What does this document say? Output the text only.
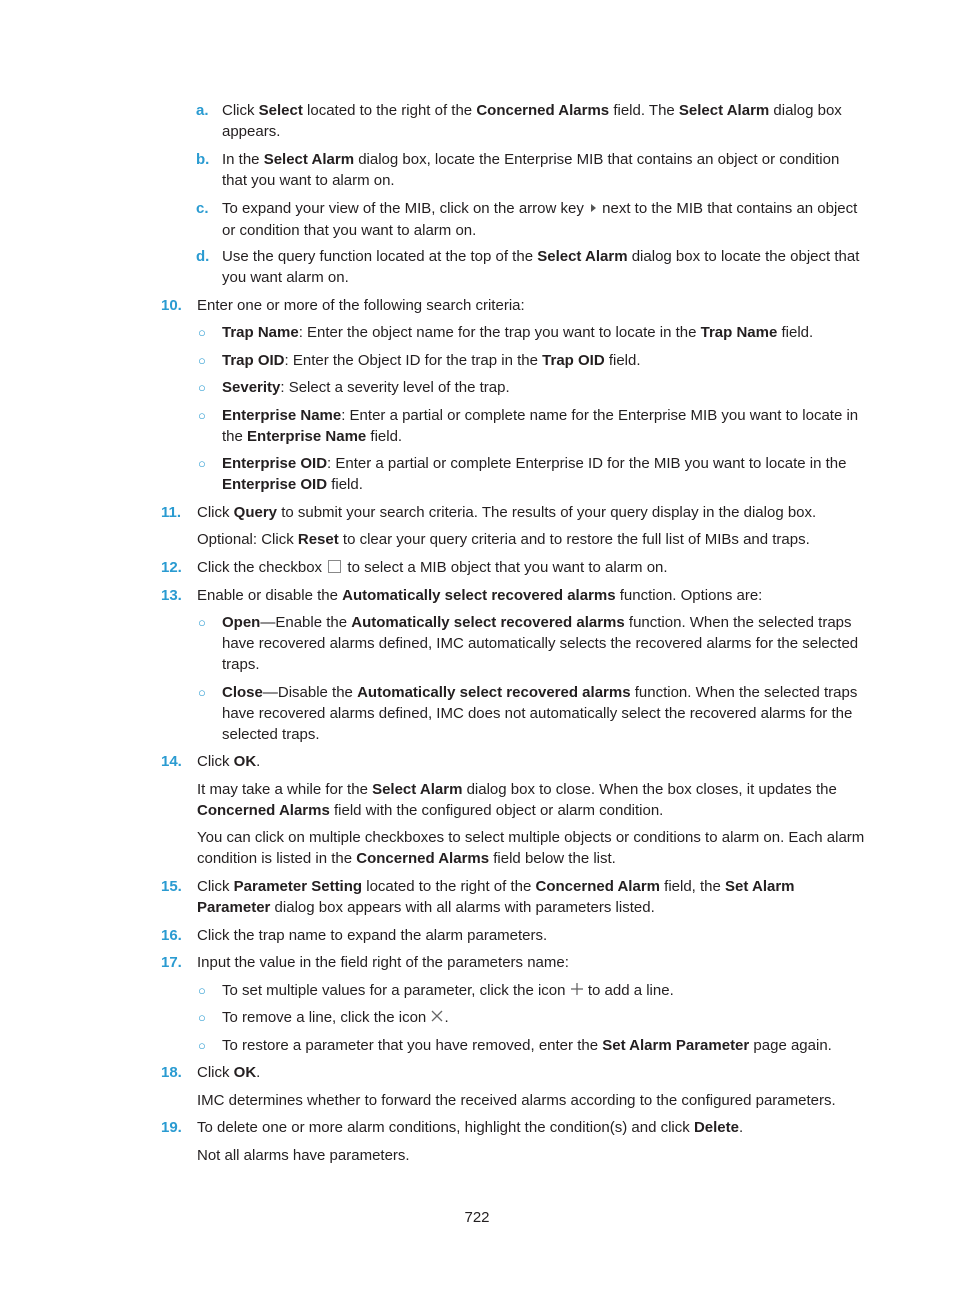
a. Click Select located to the right of the Concerned Alarms field. The Select Alarm dialog box appears.

b. In the Select Alarm dialog box, locate the Enterprise MIB that contains an object or condition that you want to alarm on.

c. To expand your view of the MIB, click on the arrow key  next to the MIB that contains an object or condition that you want to alarm on.

d. Use the query function located at the top of the Select Alarm dialog box to locate the object that you want alarm on.

10. Enter one or more of the following search criteria:

○ Trap Name: Enter the object name for the trap you want to locate in the Trap Name field.

○ Trap OID: Enter the Object ID for the trap in the Trap OID field.

○ Severity: Select a severity level of the trap.

○ Enterprise Name: Enter a partial or complete name for the Enterprise MIB you want to locate in the Enterprise Name field.

○ Enterprise OID: Enter a partial or complete Enterprise ID for the MIB you want to locate in the Enterprise OID field.

11. Click Query to submit your search criteria. The results of your query display in the dialog box.

Optional: Click Reset to clear your query criteria and to restore the full list of MIBs and traps.

12. Click the checkbox  to select a MIB object that you want to alarm on.

13. Enable or disable the Automatically select recovered alarms function. Options are:

○ Open—Enable the Automatically select recovered alarms function. When the selected traps have recovered alarms defined, IMC automatically selects the recovered alarms for the selected traps.

○ Close—Disable the Automatically select recovered alarms function. When the selected traps have recovered alarms defined, IMC does not automatically select the recovered alarms for the selected traps.

14. Click OK.

It may take a while for the Select Alarm dialog box to close. When the box closes, it updates the Concerned Alarms field with the configured object or alarm condition.

You can click on multiple checkboxes to select multiple objects or conditions to alarm on. Each alarm condition is listed in the Concerned Alarms field below the list.

15. Click Parameter Setting located to the right of the Concerned Alarm field, the Set Alarm Parameter dialog box appears with all alarms with parameters listed.

16. Click the trap name to expand the alarm parameters.

17. Input the value in the field right of the parameters name:

○ To set multiple values for a parameter, click the icon  to add a line.

○ To remove a line, click the icon .

○ To restore a parameter that you have removed, enter the Set Alarm Parameter page again.

18. Click OK.

IMC determines whether to forward the received alarms according to the configured parameters.

19. To delete one or more alarm conditions, highlight the condition(s) and click Delete.

Not all alarms have parameters.

722
